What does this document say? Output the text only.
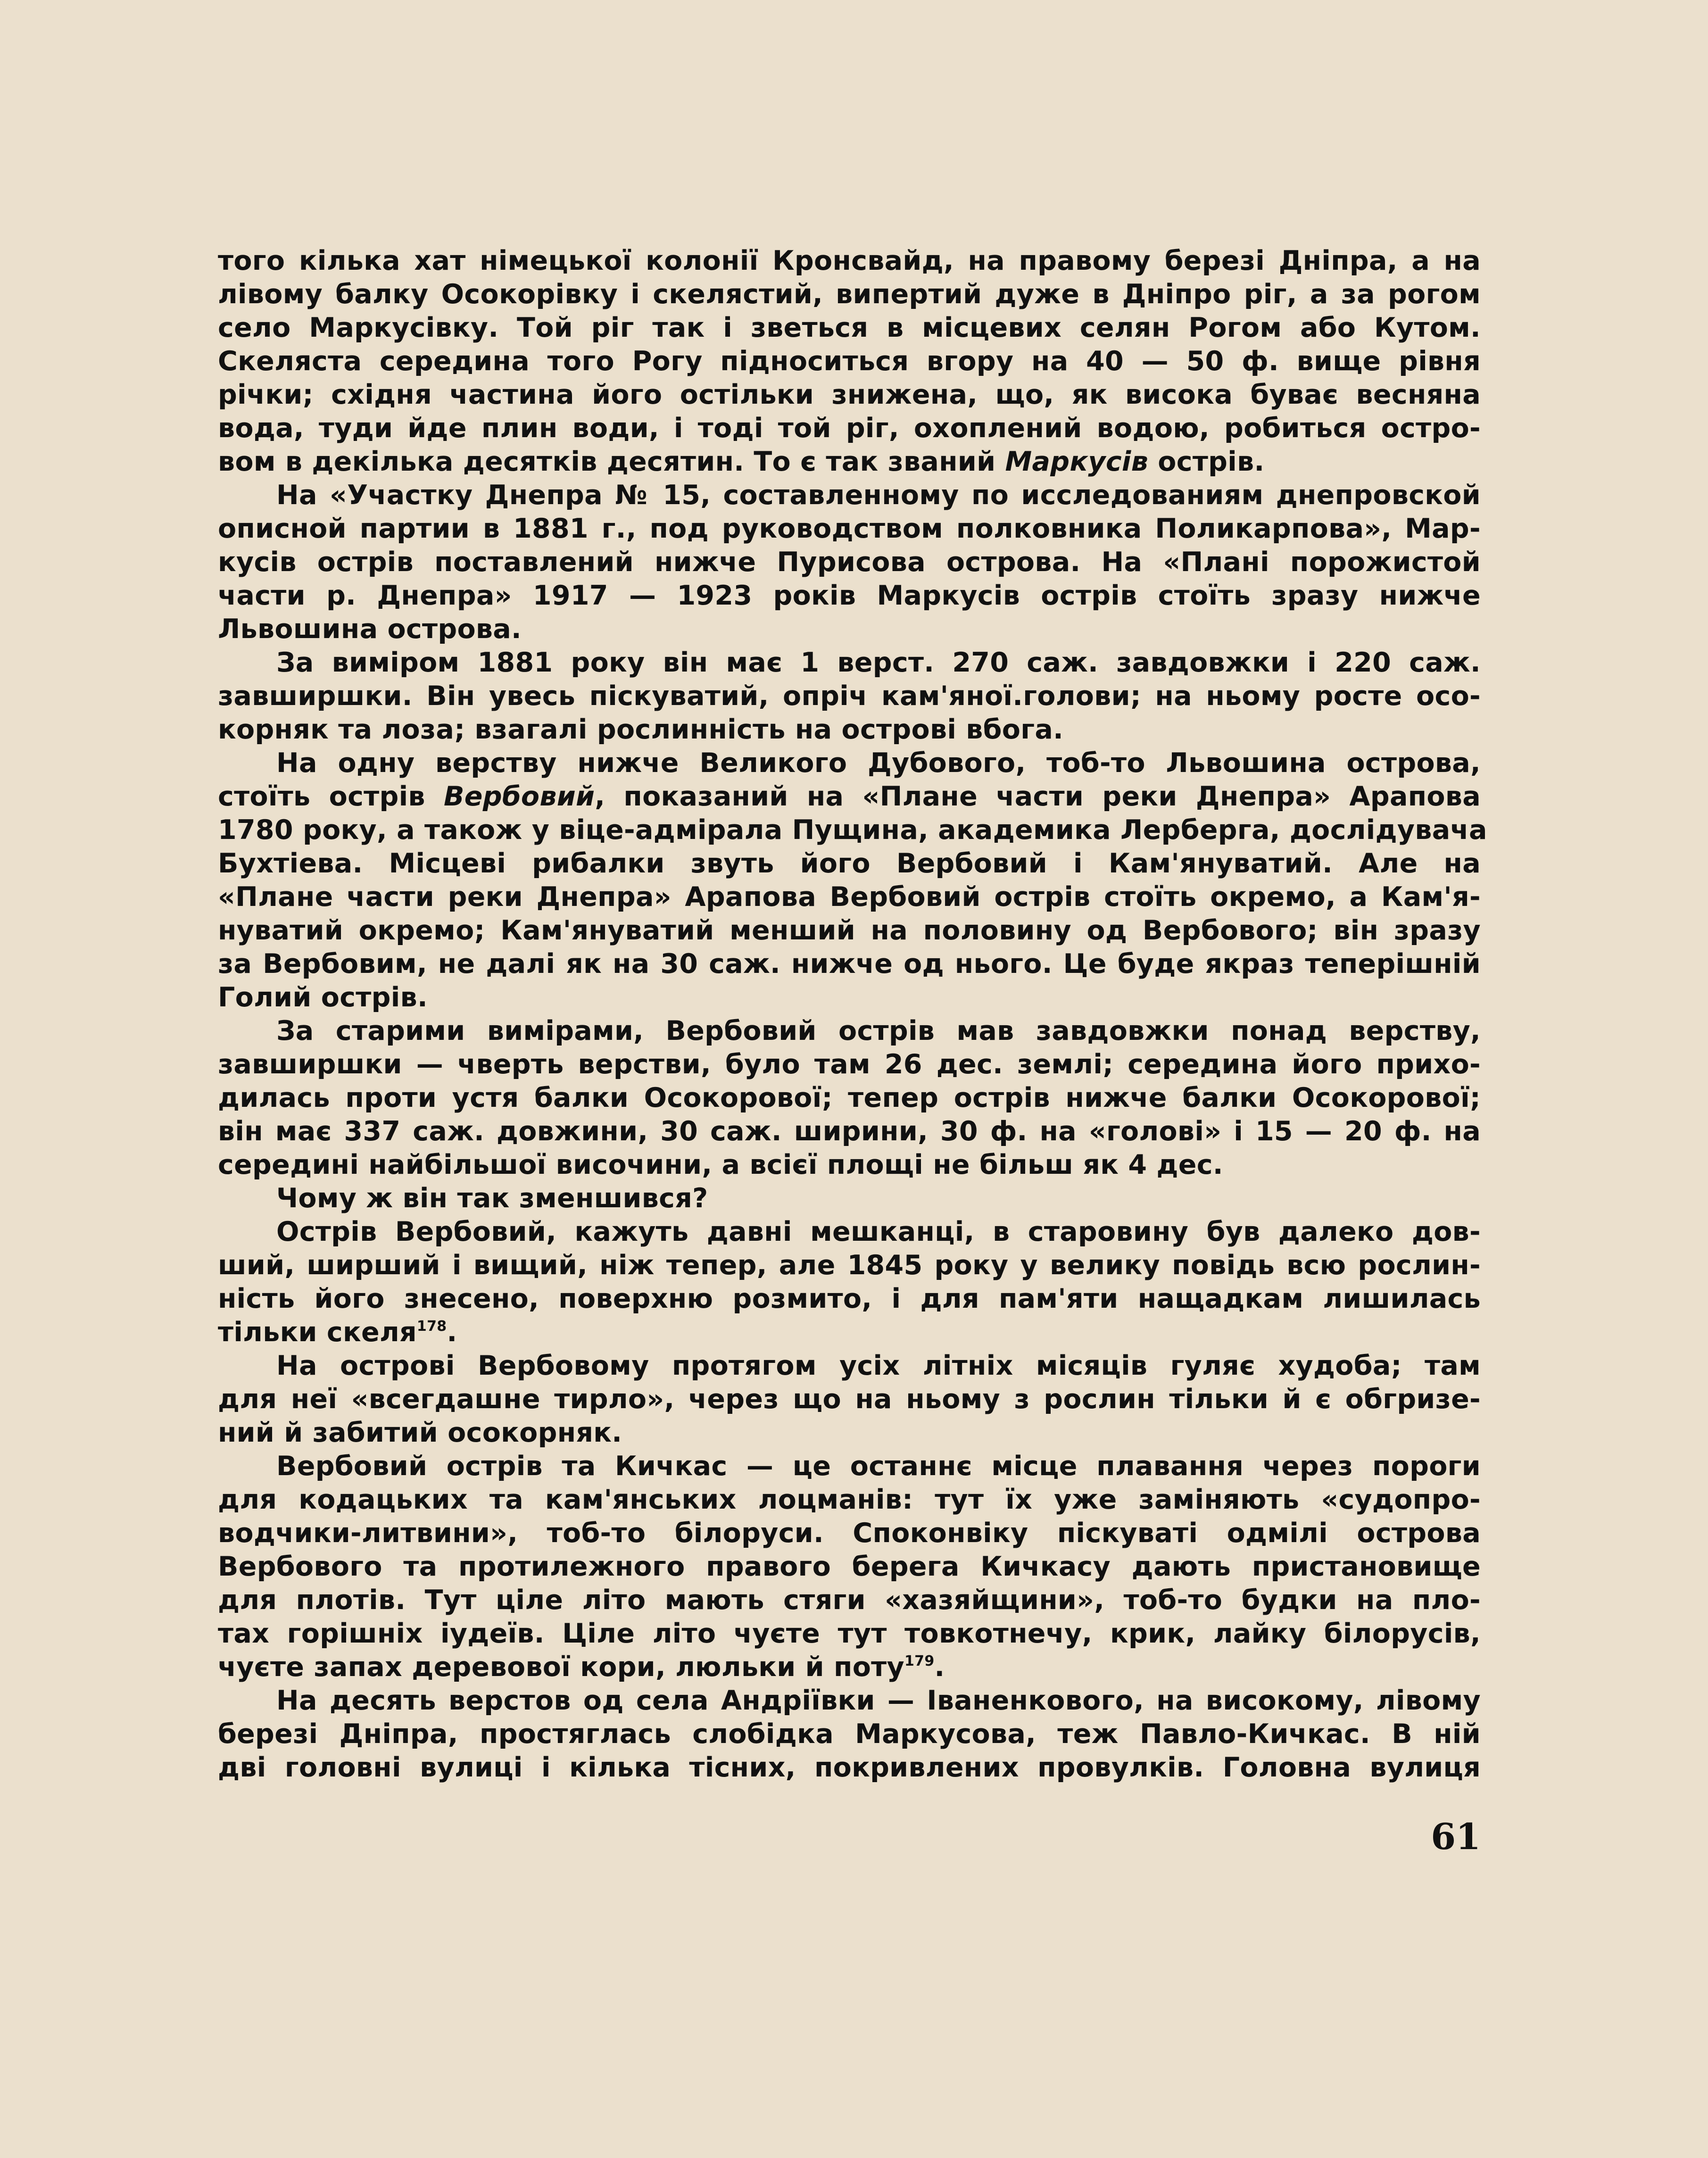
того кількa хат німецької колонії Кронсвайд, на правому березі Дніпра, а на
лівому балку Осокорівку і скелястий, випертий дуже в Дніпро ріг, а за рогом
село Маркусівку. Той ріг так і зветься в місцевих селян Рогом або Кутом.
Скеляста середина того Рогу підноситься вгору на 40 — 50 ф. вище рівня
річки; східня частина його остільки знижена, що, як висока буває весняна
вода, туди йде плин води, і тоді той ріг, охоплений водою, робиться остро-
вом в декількa десятків десятин. То є так званий Маркусів острів.
На «Участку Днепра № 15, составленному по исследованиям днепровской
описной партии в 1881 г., под руководством полковника Поликарпова», Мар-
кусів острів поставлений нижче Пурисова острова. На «Плані порожистой
части р. Днепра» 1917 — 1923 років Маркусів острів стоїть зразу нижче
Львошина острова.
За виміром 1881 року він має 1 верст. 270 саж. завдовжки і 220 саж.
завширшки. Він увесь піскуватий, опріч кам'яної.голови; на ньому росте осо-
корняк та лоза; взагалі рослинність на острові вбога.
На одну верству нижче Великого Дубового, тоб-то Львошина острова,
стоїть острів Вербовий, показаний на «Плане части реки Днепра» Арапова
1780 року, а також у віце-адмірала Пущина, академика Лерберга, дослідувача
Бухтіева. Місцеві рибалки звуть його Вербовий і Кам'януватий. Але на
«Плане части реки Днепра» Арапова Вербовий острів стоїть окремо, а Кам'я-
нуватий окремо; Кам'януватий менший на половину од Вербового; він зразу
за Вербовим, не далі як на 30 саж. нижче од нього. Це буде якраз теперішній
Голий острів.
За старими вимірами, Вербовий острів мав завдовжки понад верству,
завширшки — чверть верстви, було там 26 дес. землі; середина його прихо-
дилась проти устя балки Осокорової; тепер острів нижче балки Осокорової;
він має 337 саж. довжини, 30 саж. ширини, 30 ф. на «голові» і 15 — 20 ф. на
середині найбільшої височини, а всієї площі не більш як 4 дес.
Чому ж він так зменшився?
Острів Вербовий, кажуть давні мешканці, в старовину був далеко дов-
ший, ширший і вищий, ніж тепер, але 1845 року у велику повідь всю рослин-
ність його знесено, поверхню розмито, і для пам'яти нащадкам лишилась
тільки скеля$^{178}$.
На острові Вербовому протягом усіх літніх місяців гуляє худоба; там
для неї «всегдашне тирло», через що на ньому з рослин тільки й є обгризе-
ний й забитий осокорняк.
Вербовий острів та Кичкас — це останнє місце плавання через пороги
для кодацьких та кам'янських лоцманів: тут їх уже заміняють «судопро-
водчики-литвини», тоб-то білоруси. Споконвіку піскуваті одмілі острова
Вербового та протилежного правого берега Кичкасу дають пристановище
для плотів. Тут ціле літо мають стяги «хазяйщини», тоб-то будки на пло-
тах горішніх іудеїв. Ціле літо чуєте тут товкотнечу, крик, лайку білорусів,
чуєте запах деревової кори, люльки й поту$^{179}$.
На десять верстов од села Андріївки — Іваненкового, на високому, лівому
березі Дніпра, простяглась слобідка Маркусова, теж Павло-Кичкас. В ній
дві головні вулиці і кількa тісних, покривлених провулків. Головна вулиця
61
